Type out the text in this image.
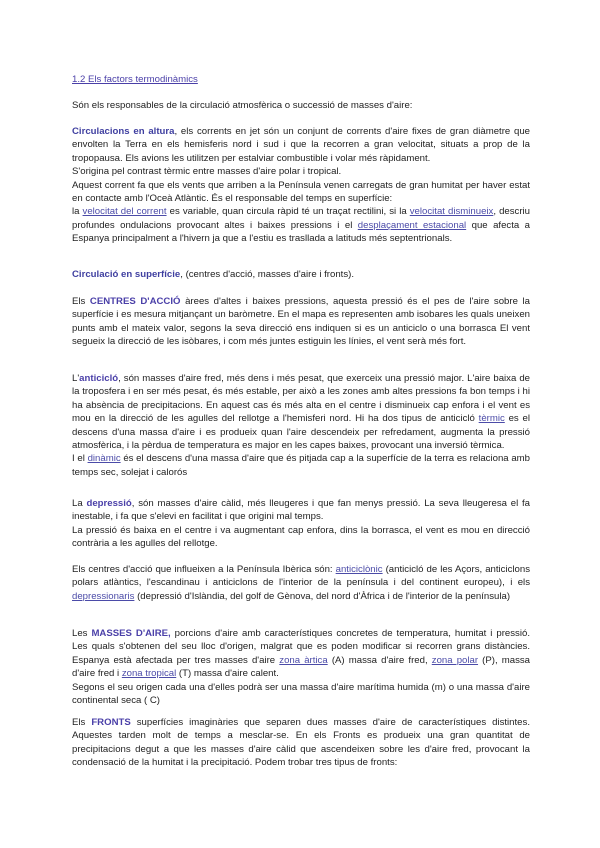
1.2 Els factors termodinàmics

Són els responsables de la circulació atmosfèrica o successió de masses d'aire:

Circulacions en altura, els corrents en jet són un conjunt de corrents d'aire fixes de gran diàmetre que envolten la Terra en els hemisferis nord i sud i que la recorren a gran velocitat, situats a prop de la tropopausa. Els avions les utilitzen per estalviar combustible i volar més ràpidament.
S'origina pel contrast tèrmic entre masses d'aire polar i tropical.
Aquest corrent fa que els vents que arriben a la Península venen carregats de gran humitat per haver estat en contacte amb l'Oceà Atlàntic. És el responsable del temps en superfície:
la velocitat del corrent es variable, quan circula ràpid té un traçat rectilini, si la velocitat disminueix, descriu profundes ondulacions provocant altes i baixes pressions i el desplaçament estacional que afecta a Espanya principalment a l'hivern ja que a l'estiu es trasllada a latituds més septentrionals.

Circulació en superfície, (centres d'acció, masses d'aire i fronts).

Els CENTRES D'ACCIÓ àrees d'altes i baixes pressions, aquesta pressió és el pes de l'aire sobre la superfície i es mesura mitjançant un baròmetre. En el mapa es representen amb isobares les quals uneixen punts amb el mateix valor, segons la seva direcció ens indiquen si es un anticiclo o una borrasca El vent segueix la direcció de les isòbares, i com més juntes estiguin les línies, el vent serà més fort.

L'anticicló, són masses d'aire fred, més dens i més pesat, que exerceix una pressió major. L'aire baixa de la troposfera i en ser més pesat, és més estable, per això a les zones amb altes pressions fa bon temps i hi ha absència de precipitacions. En aquest cas és més alta en el centre i disminueix cap enfora i el vent es mou en la direcció de les agulles del rellotge a l'hemisferi nord. Hi ha dos tipus de anticicló tèrmic es el descens d'una massa d'aire i es produeix quan l'aire descendeix per refredament, augmenta la pressió atmosfèrica, i la pèrdua de temperatura es major en les capes baixes, provocant una inversió tèrmica.
I el dinàmic és el descens d'una massa d'aire que és pitjada cap a la superfície de la terra es relaciona amb temps sec, solejat i calorós
La depressió, són masses d'aire càlid, més lleugeres i que fan menys pressió. La seva lleugeresa el fa inestable, i fa que s'elevi en facilitat i que origini mal temps.
La pressió és baixa en el centre i va augmentant cap enfora, dins la borrasca, el vent es mou en direcció contrària a les agulles del rellotge.

Els centres d'acció que influeixen a la Península Ibèrica són: anticiclònic (anticicló de les Açors, anticiclons polars atlàntics, l'escandinau i anticiclons de l'interior de la península i del continent europeu), i els depressionaris (depressió d'Islàndia, del golf de Gènova, del nord d'Àfrica i de l'interior de la península)

Les MASSES D'AIRE, porcions d'aire amb característiques concretes de temperatura, humitat i pressió. Les quals s'obtenen del seu lloc d'origen, malgrat que es poden modificar si recorren grans distàncies. Espanya està afectada per tres masses d'aire zona àrtica (A) massa d'aire fred, zona polar (P), massa d'aire fred i zona tropical (T) massa d'aire calent.
Segons el seu origen cada una d'elles podrà ser una massa d'aire marítima humida (m) o una massa d'aire continental seca ( C)

Els FRONTS superfícies imaginàries que separen dues masses d'aire de característiques distintes. Aquestes tarden molt de temps a mesclar-se. En els Fronts es produeix una gran quantitat de precipitacions degut a que les masses d'aire càlid que ascendeixen sobre les d'aire fred, provocant la condensació de la humitat i la precipitació. Podem trobar tres tipus de fronts:
